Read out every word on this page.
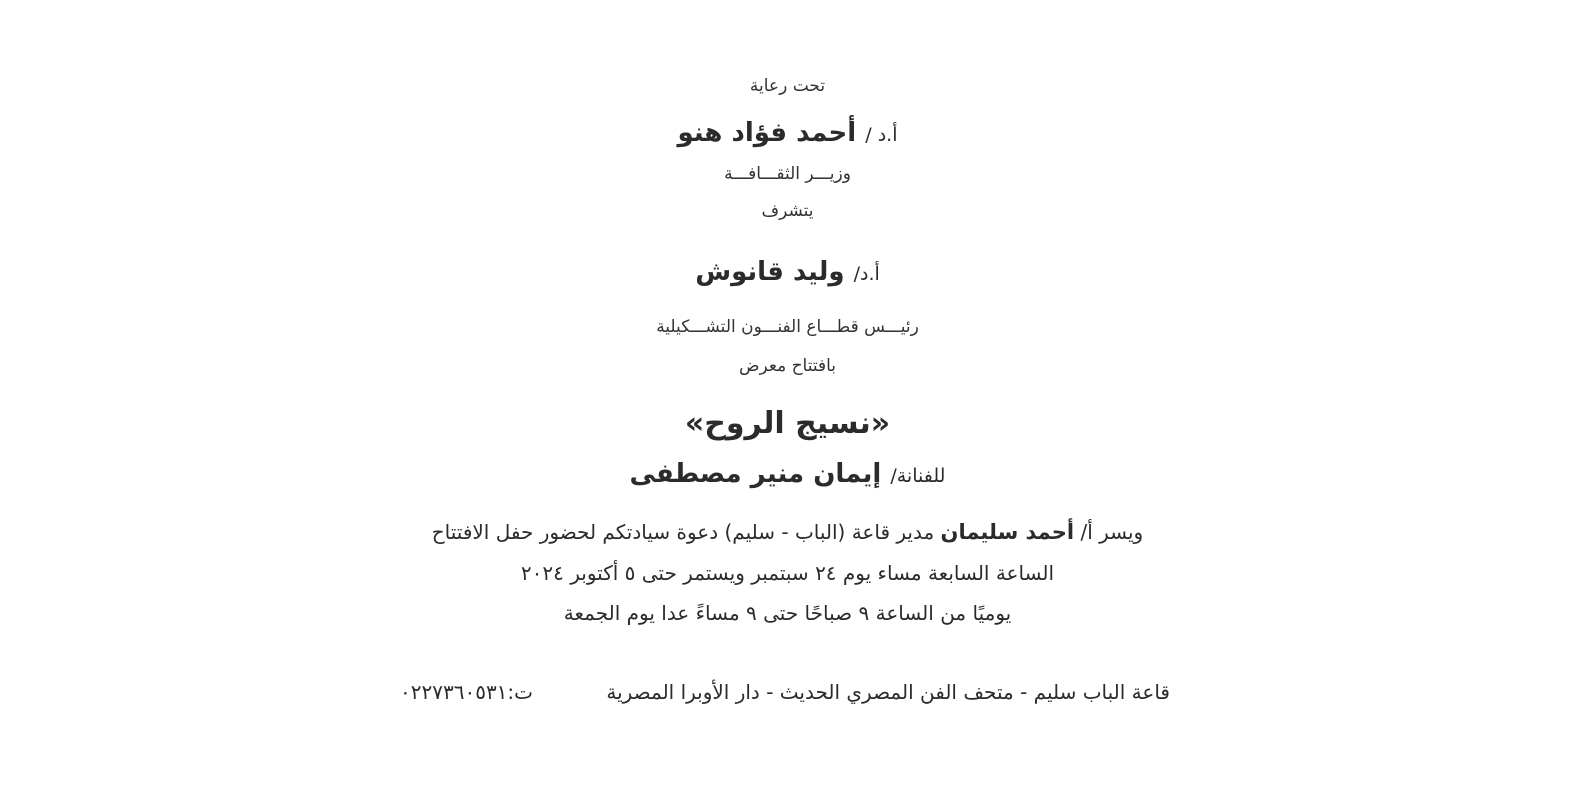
تحت رعاية
أ.د / أحمد فؤاد هنو
وزيـــر الثقـــافـــة
يتشرف
أ.د/ وليد قانوش
رئيـــس قطـــاع الفنـــون التشـــكيلية
بافتتاح معرض
«نسيج الروح»
للفنانة/ إيمان منير مصطفى
ويسر أ/ أحمد سليمان مدير قاعة (الباب - سليم) دعوة سيادتكم لحضور حفل الافتتاح
الساعة السابعة مساء يوم ٢٤ سبتمبر ويستمر حتى ٥ أكتوبر ٢٠٢٤
يوميًا من الساعة ٩ صباحًا حتى ٩ مساءً عدا يوم الجمعة
قاعة الباب سليم - متحف الفن المصري الحديث - دار الأوبرا المصرية
ت:٠٢٢٧٣٦٠٥٣١
